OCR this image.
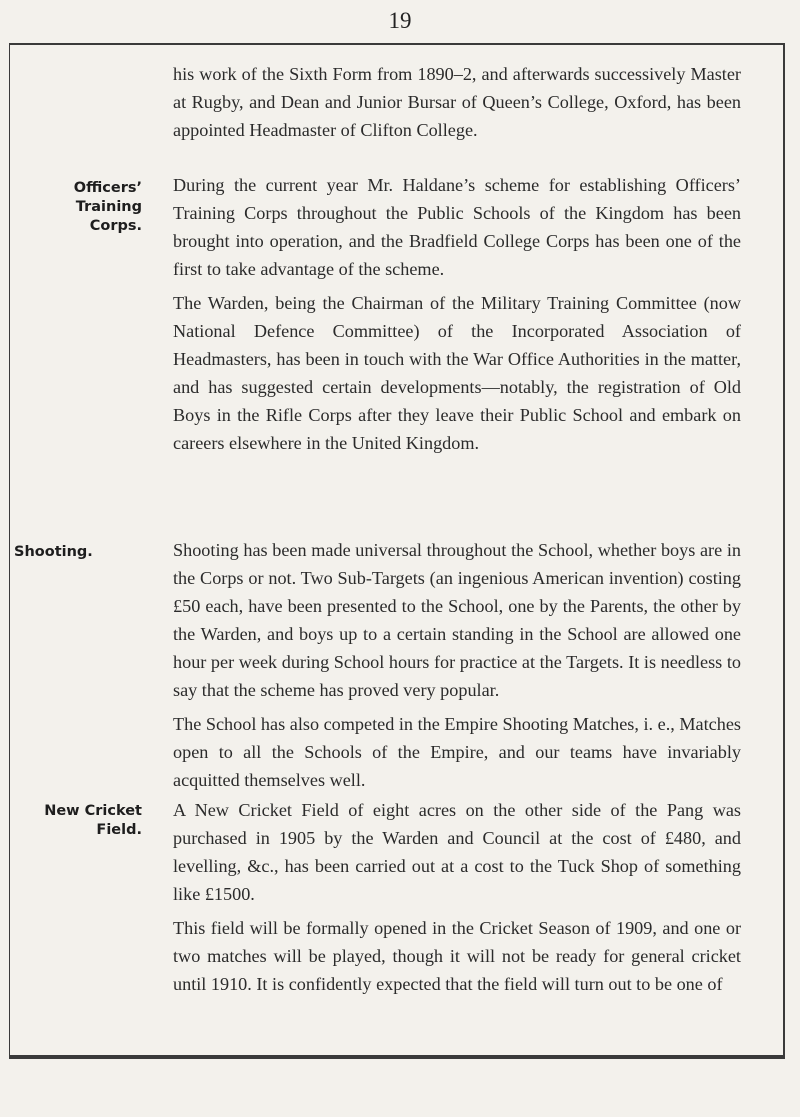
19

his work of the Sixth Form from 1890–2, and afterwards successively Master at Rugby, and Dean and Junior Bursar of Queen’s College, Oxford, has been appointed Headmaster of Clifton College.

Officers’
Training
Corps.

During the current year Mr. Haldane’s scheme for establishing Officers’ Training Corps throughout the Public Schools of the Kingdom has been brought into operation, and the Bradfield College Corps has been one of the first to take advantage of the scheme.

The Warden, being the Chairman of the Military Training Committee (now National Defence Committee) of the Incorporated Association of Headmasters, has been in touch with the War Office Authorities in the matter, and has suggested certain developments—notably, the registration of Old Boys in the Rifle Corps after they leave their Public School and embark on careers elsewhere in the United Kingdom.

Shooting.	Shooting has been made universal throughout the School, whether boys are in the Corps or not. Two Sub-Targets (an ingenious American invention) costing £50 each, have been presented to the School, one by the Parents, the other by the Warden, and boys up to a certain standing in the School are allowed one hour per week during School hours for practice at the Targets. It is needless to say that the scheme has proved very popular.

The School has also competed in the Empire Shooting Matches, i. e., Matches open to all the Schools of the Empire, and our teams have invariably acquitted themselves well.

New Cricket
Field.

A New Cricket Field of eight acres on the other side of the Pang was purchased in 1905 by the Warden and Council at the cost of £480, and levelling, &c., has been carried out at a cost to the Tuck Shop of something like £1500.

This field will be formally opened in the Cricket Season of 1909, and one or two matches will be played, though it will not be ready for general cricket until 1910. It is confidently expected that the field will turn out to be one of
